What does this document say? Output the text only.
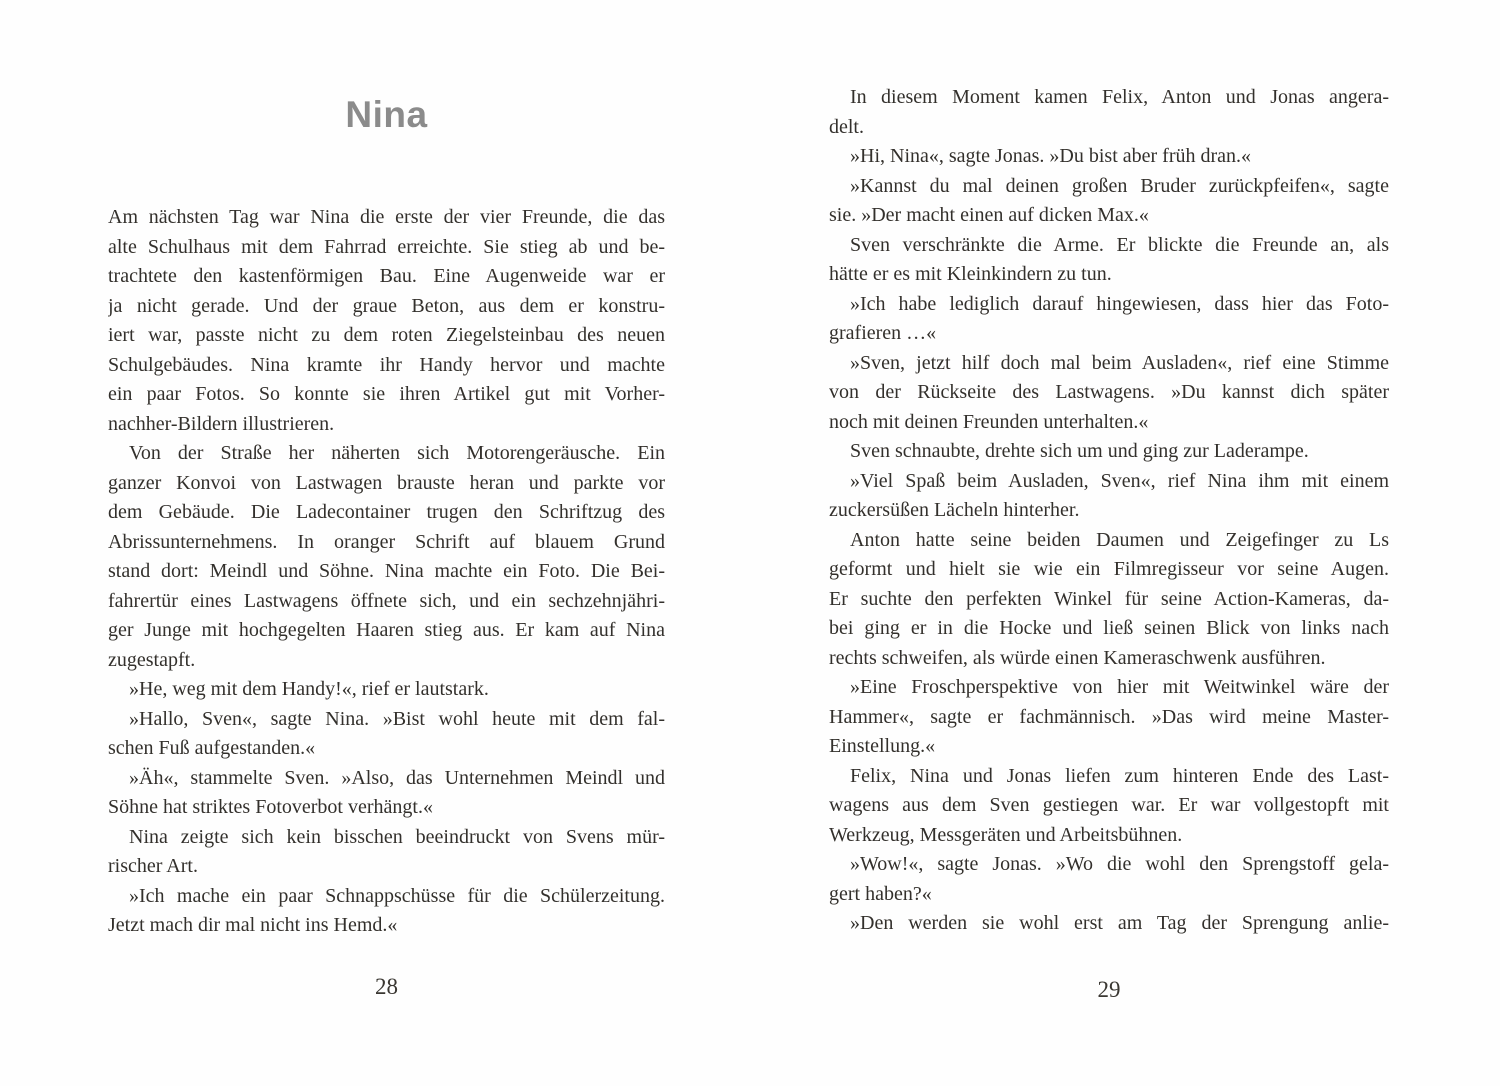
Nina
Am nächsten Tag war Nina die erste der vier Freunde, die das
alte Schulhaus mit dem Fahrrad erreichte. Sie stieg ab und be-
trachtete den kastenförmigen Bau. Eine Augenweide war er
ja nicht gerade. Und der graue Beton, aus dem er konstru-
iert war, passte nicht zu dem roten Ziegelsteinbau des neuen
Schulgebäudes. Nina kramte ihr Handy hervor und machte
ein paar Fotos. So konnte sie ihren Artikel gut mit Vorher-
nachher-Bildern illustrieren.
Von der Straße her näherten sich Motorengeräusche. Ein
ganzer Konvoi von Lastwagen brauste heran und parkte vor
dem Gebäude. Die Ladecontainer trugen den Schriftzug des
Abrissunternehmens. In oranger Schrift auf blauem Grund
stand dort: Meindl und Söhne. Nina machte ein Foto. Die Bei-
fahrertür eines Lastwagens öffnete sich, und ein sechzehnjähri-
ger Junge mit hochgegelten Haaren stieg aus. Er kam auf Nina
zugestapft.
»He, weg mit dem Handy!«, rief er lautstark.
»Hallo, Sven«, sagte Nina. »Bist wohl heute mit dem fal-
schen Fuß aufgestanden.«
»Äh«, stammelte Sven. »Also, das Unternehmen Meindl und
Söhne hat striktes Fotoverbot verhängt.«
Nina zeigte sich kein bisschen beeindruckt von Svens mür-
rischer Art.
»Ich mache ein paar Schnappschüsse für die Schülerzeitung.
Jetzt mach dir mal nicht ins Hemd.«
28
In diesem Moment kamen Felix, Anton und Jonas angera-
delt.
»Hi, Nina«, sagte Jonas. »Du bist aber früh dran.«
»Kannst du mal deinen großen Bruder zurückpfeifen«, sagte
sie. »Der macht einen auf dicken Max.«
Sven verschränkte die Arme. Er blickte die Freunde an, als
hätte er es mit Kleinkindern zu tun.
»Ich habe lediglich darauf hingewiesen, dass hier das Foto-
grafieren …«
»Sven, jetzt hilf doch mal beim Ausladen«, rief eine Stimme
von der Rückseite des Lastwagens. »Du kannst dich später
noch mit deinen Freunden unterhalten.«
Sven schnaubte, drehte sich um und ging zur Laderampe.
»Viel Spaß beim Ausladen, Sven«, rief Nina ihm mit einem
zuckersüßen Lächeln hinterher.
Anton hatte seine beiden Daumen und Zeigefinger zu Ls
geformt und hielt sie wie ein Filmregisseur vor seine Augen.
Er suchte den perfekten Winkel für seine Action-Kameras, da-
bei ging er in die Hocke und ließ seinen Blick von links nach
rechts schweifen, als würde einen Kameraschwenk ausführen.
»Eine Froschperspektive von hier mit Weitwinkel wäre der
Hammer«, sagte er fachmännisch. »Das wird meine Master-
Einstellung.«
Felix, Nina und Jonas liefen zum hinteren Ende des Last-
wagens aus dem Sven gestiegen war. Er war vollgestopft mit
Werkzeug, Messgeräten und Arbeitsbühnen.
»Wow!«, sagte Jonas. »Wo die wohl den Sprengstoff gela-
gert haben?«
»Den werden sie wohl erst am Tag der Sprengung anlie-
29
